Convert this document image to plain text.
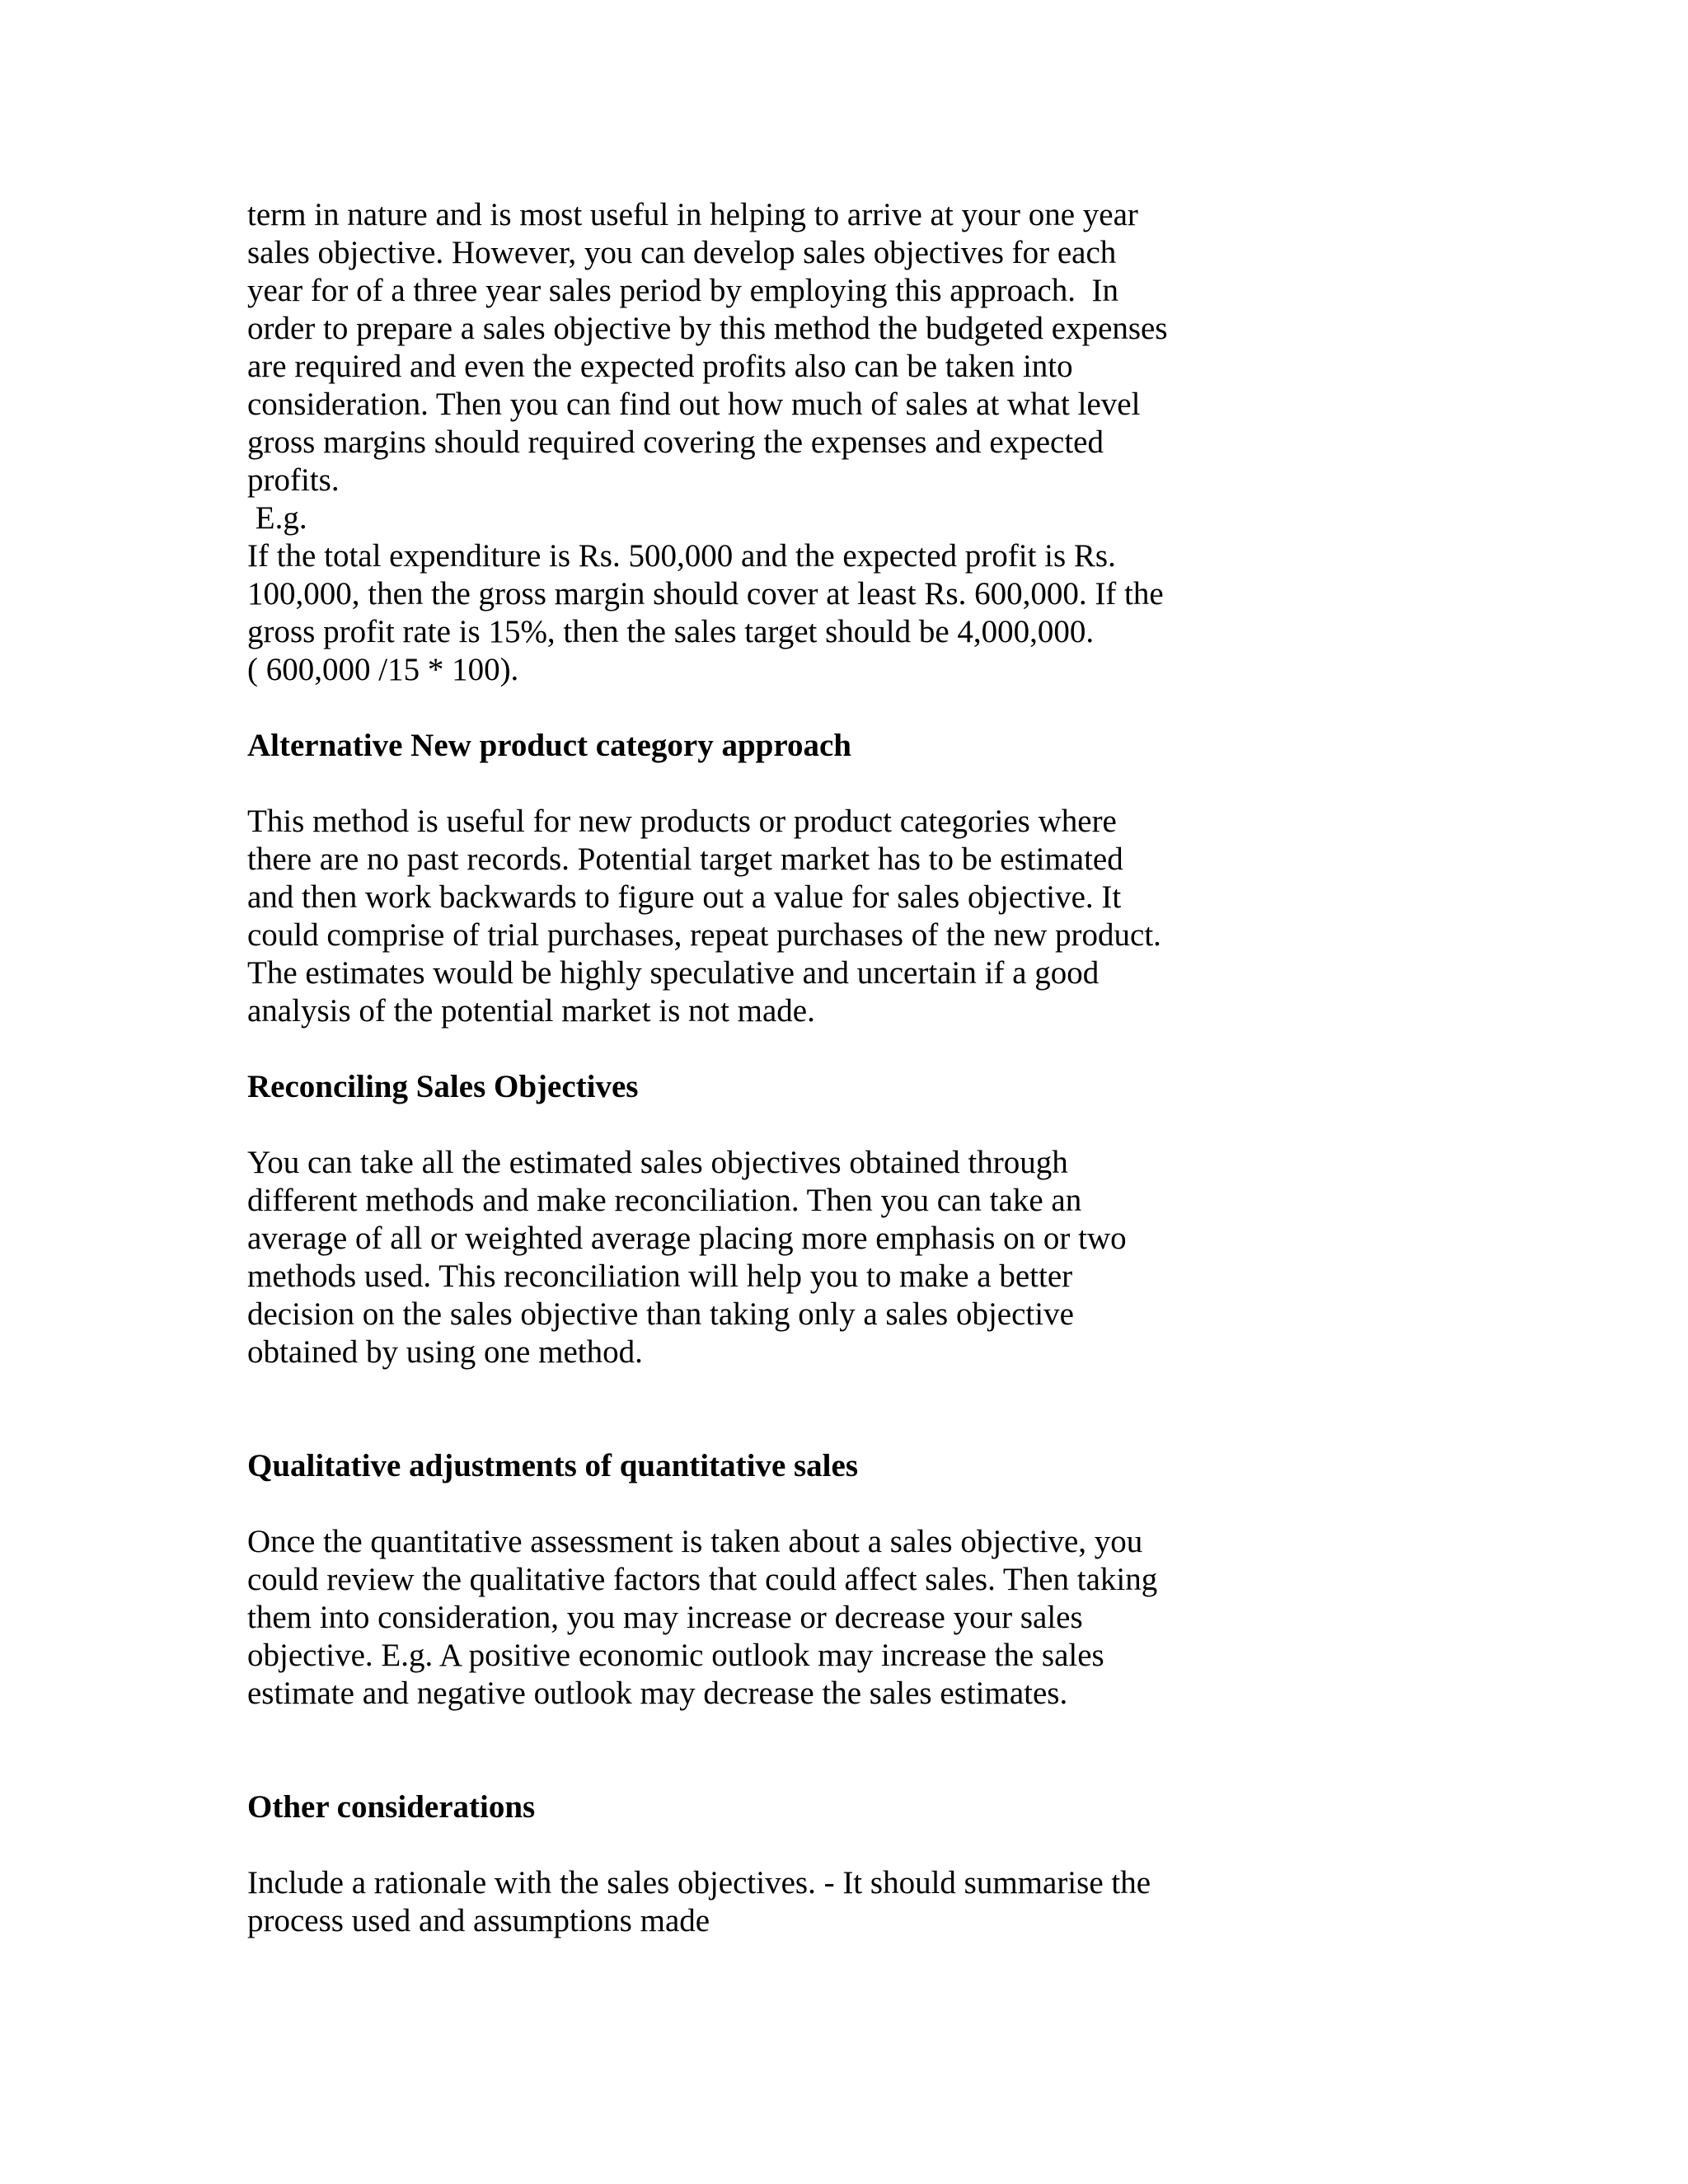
term in nature and is most useful in helping to arrive at your one year
sales objective. However, you can develop sales objectives for each
year for of a three year sales period by employing this approach.  In
order to prepare a sales objective by this method the budgeted expenses
are required and even the expected profits also can be taken into
consideration. Then you can find out how much of sales at what level
gross margins should required covering the expenses and expected
profits.
E.g.
If the total expenditure is Rs. 500,000 and the expected profit is Rs.
100,000, then the gross margin should cover at least Rs. 600,000. If the
gross profit rate is 15%, then the sales target should be 4,000,000.
( 600,000 /15 * 100).
Alternative New product category approach
This method is useful for new products or product categories where
there are no past records. Potential target market has to be estimated
and then work backwards to figure out a value for sales objective. It
could comprise of trial purchases, repeat purchases of the new product.
The estimates would be highly speculative and uncertain if a good
analysis of the potential market is not made.
Reconciling Sales Objectives
You can take all the estimated sales objectives obtained through
different methods and make reconciliation. Then you can take an
average of all or weighted average placing more emphasis on or two
methods used. This reconciliation will help you to make a better
decision on the sales objective than taking only a sales objective
obtained by using one method.
Qualitative adjustments of quantitative sales
Once the quantitative assessment is taken about a sales objective, you
could review the qualitative factors that could affect sales. Then taking
them into consideration, you may increase or decrease your sales
objective. E.g. A positive economic outlook may increase the sales
estimate and negative outlook may decrease the sales estimates.
Other considerations
Include a rationale with the sales objectives. - It should summarise the
process used and assumptions made
